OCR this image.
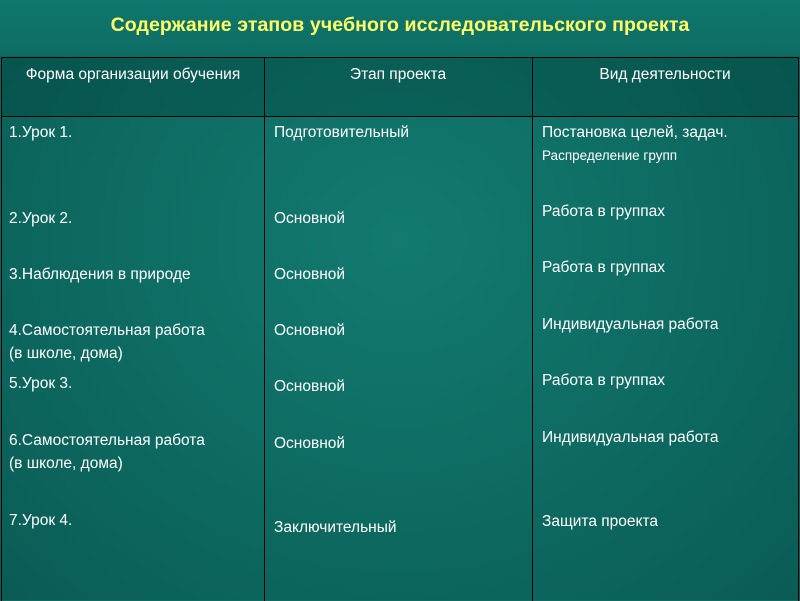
Содержание этапов учебного исследовательского проекта
Форма организации обучения	Этап проекта	Вид деятельности
1.Урок 1.
2.Урок 2.
3.Наблюдения в природе
4.Самостоятельная работа
(в школе, дома)
5.Урок 3.
6.Самостоятельная работа
(в школе, дома)
7.Урок 4.
Подготовительный
Основной
Основной
Основной
Основной
Основной
Заключительный
Постановка целей, задач.
Распределение групп
Работа в группах
Работа в группах
Индивидуальная работа
Работа в группах
Индивидуальная работа
Защита проекта
